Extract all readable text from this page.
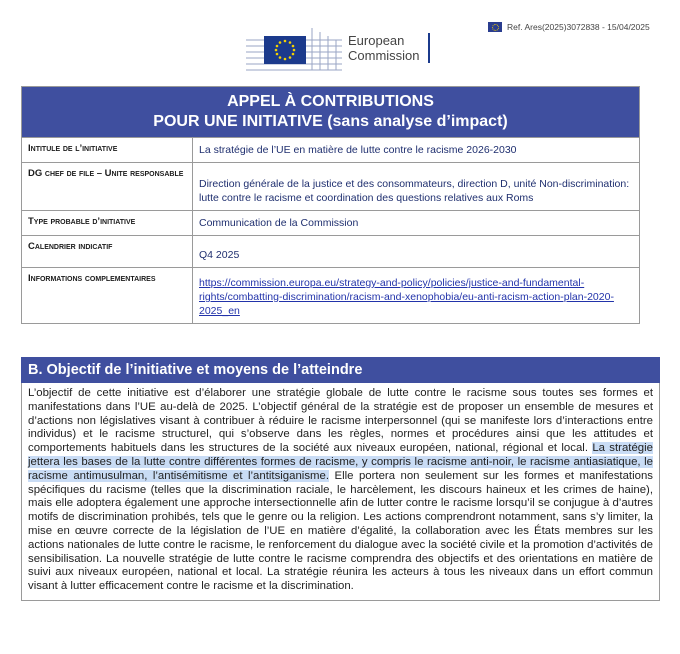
Ref. Ares(2025)3072838 - 15/04/2025
European
Commission
APPEL À CONTRIBUTIONS
POUR UNE INITIATIVE (sans analyse d’impact)	

Intitule de l’initiative	La stratégie de l’UE en matière de lutte contre le racisme 2026-2030
DG chef de file – Unite responsable	Direction générale de la justice et des consommateurs, direction D, unité Non-discrimination: lutte contre le racisme et coordination des questions relatives aux Roms
Type probable d’initiative	Communication de la Commission
Calendrier indicatif	Q4 2025
Informations complementaires	https://commission.europa.eu/strategy-and-policy/policies/justice-and-fundamental-rights/combatting-discrimination/racism-and-xenophobia/eu-anti-racism-action-plan-2020-2025_en
B. Objectif de l’initiative et moyens de l’atteindre
L’objectif de cette initiative est d’élaborer une stratégie globale de lutte contre le racisme sous toutes ses formes et manifestations dans l’UE au-delà de 2025. L’objectif général de la stratégie est de proposer un ensemble de mesures et d’actions non législatives visant à contribuer à réduire le racisme interpersonnel (qui se manifeste lors d’interactions entre individus) et le racisme structurel, qui s’observe dans les règles, normes et procédures ainsi que les attitudes et comportements habituels dans les structures de la société aux niveaux européen, national, régional et local. La stratégie jettera les bases de la lutte contre différentes formes de racisme, y compris le racisme anti-noir, le racisme antiasiatique, le racisme antimusulman, l’antisémitisme et l’antitsiganisme. Elle portera non seulement sur les formes et manifestations spécifiques du racisme (telles que la discrimination raciale, le harcèlement, les discours haineux et les crimes de haine), mais elle adoptera également une approche intersectionnelle afin de lutter contre le racisme lorsqu’il se conjugue à d’autres motifs de discrimination prohibés, tels que le genre ou la religion. Les actions comprendront notamment, sans s’y limiter, la mise en œuvre correcte de la législation de l’UE en matière d’égalité, la collaboration avec les États membres sur les actions nationales de lutte contre le racisme, le renforcement du dialogue avec la société civile et la promotion d’activités de sensibilisation. La nouvelle stratégie de lutte contre le racisme comprendra des objectifs et des orientations en matière de suivi aux niveaux européen, national et local. La stratégie réunira les acteurs à tous les niveaux dans un effort commun visant à lutter efficacement contre le racisme et la discrimination.
